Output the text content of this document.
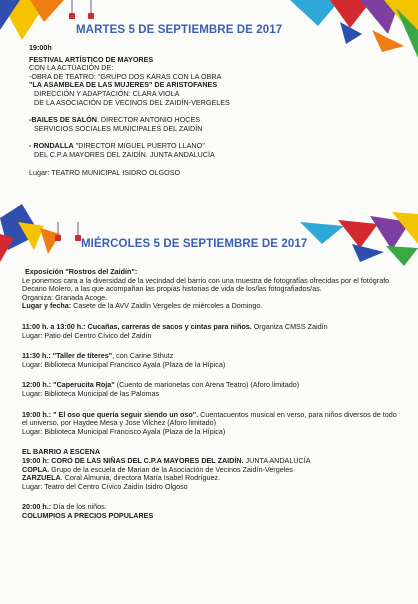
MARTES 5 DE SEPTIEMBRE DE 2017
19:00h
FESTIVAL ARTÍSTICO DE MAYORES
CON LA ACTUACIÓN DE:
-OBRA DE TEATRO: "GRUPO DOS KARAS CON LA OBRA
"LA ASAMBLEA DE LAS MUJERES" DE ARISTOFANES
DIRECCIÓN Y ADAPTACIÓN: CLARA VIOLA
DE LA ASOCIACIÓN DE VECINOS DEL ZAIDÍN-VERGELES
-BAILES DE SALÓN. DIRECTOR ANTONIO HOCES
SERVICIOS SOCIALES MUNICIPALES DEL ZAIDÍN
- RONDALLA "DIRECTOR MIGUEL PUERTO LLANO"
DEL C.P.A MAYORES DEL ZAIDÍN. JUNTA ANDALUCÍA
Lugar: TEATRO MUNICIPAL ISIDRO OLGOSO
MIÉRCOLES 5 DE SEPTIEMBRE DE 2017
Exposición "Rostros del Zaidín":
Le ponemos cara a la diversidad de la vecindad del barrio con una muestra de fotografías ofrecidas por el fotógrafo Decano Molero, a las que acompañan las propias historias de vida de los/las fotografiados/as.
Organiza: Granada Acoge.
Lugar y fecha: Casete de la AVV Zaidín Vergeles de miércoles a Domingo.
11:00 h. a 13:00 h.: Cucañas, carreras de sacos y cintas para niños. Organiza CMSS Zaidín
Lugar: Patio del Centro Cívico del Zaidín
11:30 h.: "Taller de títeres", con Carine Sthutz
Lugar: Biblioteca Municipal Francisco Ayala (Plaza de la Hípica)
12:00 h.: "Caperucita Roja" (Cuento de marionetas con Arena Teatro) (Aforo limitado)
Lugar: Biblioteca Municipal de las Palomas
19:00 h.: " El oso que quería seguir siendo un oso". Cuentacuentos musical en verso, para niños diversos de todo el universo, por Haydee Mesa y Jose Vilchez (Aforo limitado)
Lugar: Biblioteca Municipal Francisco Ayala (Plaza de la Hípica)
EL BARRIO A ESCENA
19:00 h: CORO DE LAS NIÑAS DEL C.P.A MAYORES DEL ZAIDÍN. JUNTA ANDALUCÍA
COPLA. Grupo de la escuela de Marian de la Asociación de Vecinos Zaidín-Vergeles
ZARZUELA. Coral Almunia, directora María Isabel Rodríguez.
Lugar: Teatro del Centro Cívico Zaidín Isidro Olgoso
20:00 h.: Día de los niños.
COLUMPIOS A PRECIOS POPULARES
